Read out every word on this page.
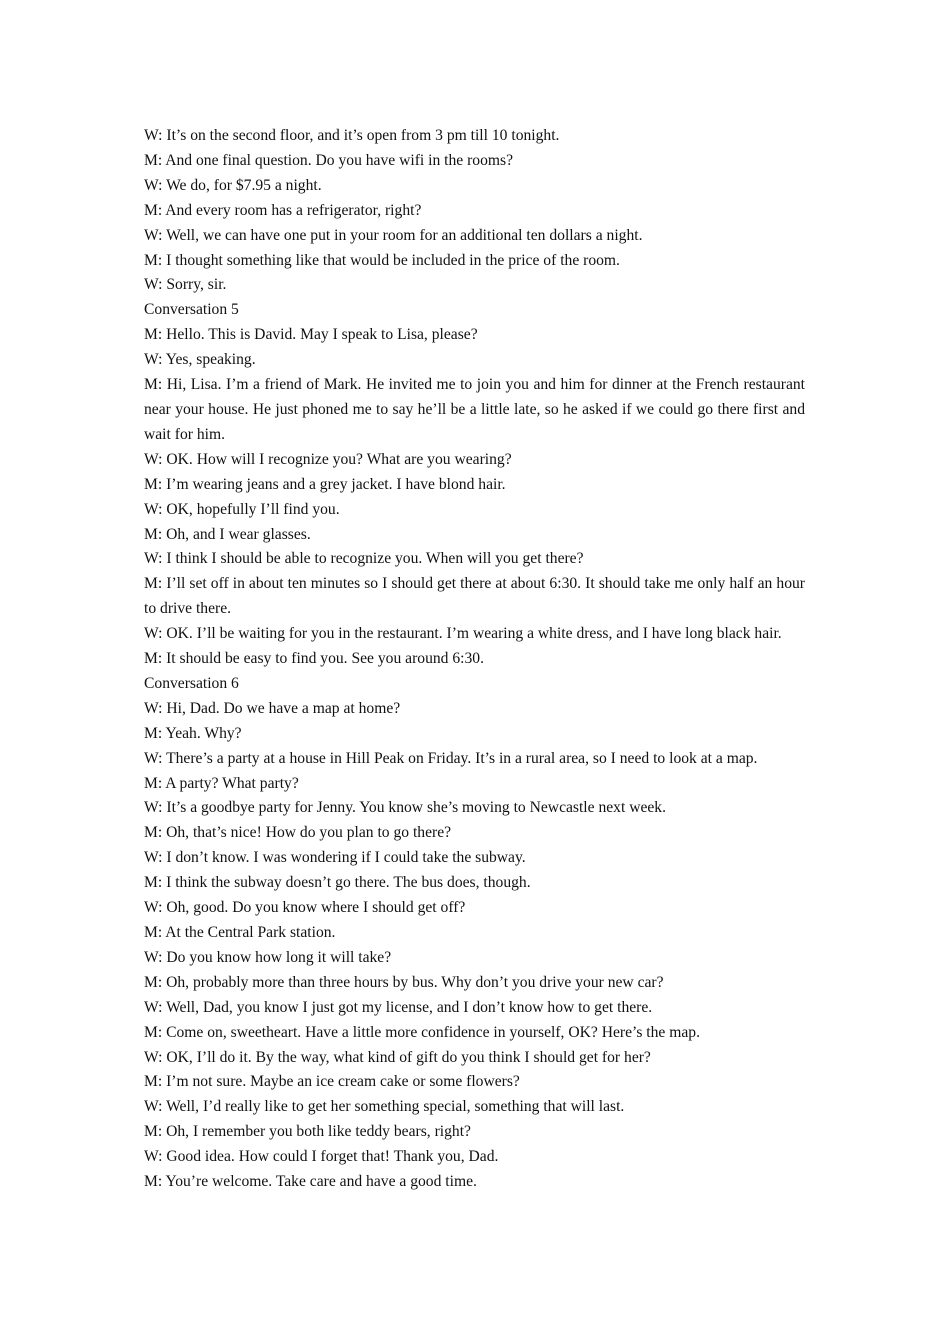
W: It’s on the second floor, and it’s open from 3 pm till 10 tonight.

M: And one final question. Do you have wifi in the rooms?

W: We do, for $7.95 a night.

M: And every room has a refrigerator, right?

W: Well, we can have one put in your room for an additional ten dollars a night.

M: I thought something like that would be included in the price of the room.

W: Sorry, sir.

Conversation 5

M: Hello. This is David. May I speak to Lisa, please?

W: Yes, speaking.

M: Hi, Lisa. I’m a friend of Mark. He invited me to join you and him for dinner at the French restaurant near your house. He just phoned me to say he’ll be a little late, so he asked if we could go there first and wait for him.

W: OK. How will I recognize you? What are you wearing?

M: I’m wearing jeans and a grey jacket. I have blond hair.

W: OK, hopefully I’ll find you.

M: Oh, and I wear glasses.

W: I think I should be able to recognize you. When will you get there?

M: I’ll set off in about ten minutes so I should get there at about 6:30. It should take me only half an hour to drive there.

W: OK. I’ll be waiting for you in the restaurant. I’m wearing a white dress, and I have long black hair.

M: It should be easy to find you. See you around 6:30.

Conversation 6

W: Hi, Dad. Do we have a map at home?

M: Yeah. Why?

W: There’s a party at a house in Hill Peak on Friday. It’s in a rural area, so I need to look at a map.

M: A party? What party?

W: It’s a goodbye party for Jenny. You know she’s moving to Newcastle next week.

M: Oh, that’s nice! How do you plan to go there?

W: I don’t know. I was wondering if I could take the subway.

M: I think the subway doesn’t go there. The bus does, though.

W: Oh, good. Do you know where I should get off?

M: At the Central Park station.

W: Do you know how long it will take?

M: Oh, probably more than three hours by bus. Why don’t you drive your new car?

W: Well, Dad, you know I just got my license, and I don’t know how to get there.

M: Come on, sweetheart. Have a little more confidence in yourself, OK? Here’s the map.

W: OK, I’ll do it. By the way, what kind of gift do you think I should get for her?

M: I’m not sure. Maybe an ice cream cake or some flowers?

W: Well, I’d really like to get her something special, something that will last.

M: Oh, I remember you both like teddy bears, right?

W: Good idea. How could I forget that! Thank you, Dad.

M: You’re welcome. Take care and have a good time.
